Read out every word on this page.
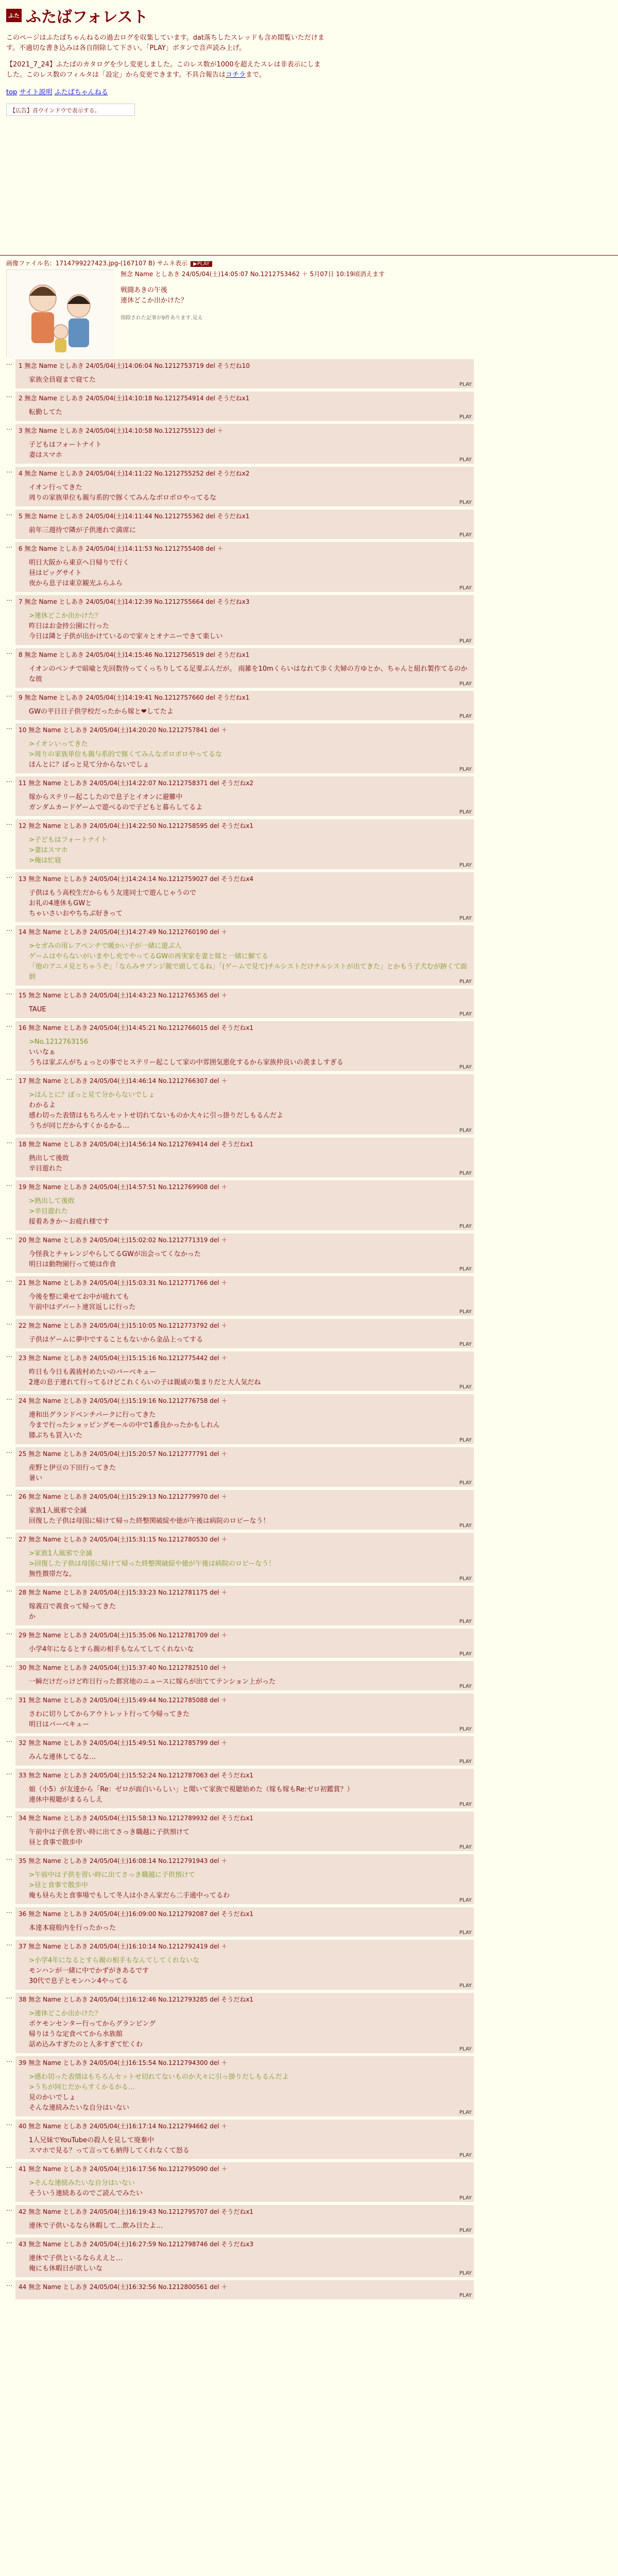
ふた ふたばフォレスト

このページはふたばちゃんねるの過去ログを収集しています。dat落ちしたスレッドも含め閲覧いただけます。不適切な書き込みは各自削除して下さい。「PLAY」ボタンで音声読み上げ。

【2021_7_24】ふたばのカタログを少し変更しました。このレス数が1000を超えたスレは非表示にしました。このレス数のフィルタは「設定」から変更できます。不具合報告はコチラまで。

top サイト説明 ふたばちゃんねる
【広告】音ウインドウで表示する。
画像ファイル名：1714799227423.jpg-(167107 B) サムネ表示 ▶PLAY
無念 Name としあき 24/05/04(土)14:05:07 No.1212753462 ＋ 5月07日 10:19頃消えます
戦闘あきの午後
連休どこか出かけた？
削除された記事が9件あります.見る
…	1 無念 Name としあき 24/05/04(土)14:06:04 No.1212753719 del そうだね10
家族全員寝まで寝てた
PLAY
…	2 無念 Name としあき 24/05/04(土)14:10:18 No.1212754914 del そうだねx1
転勤してた
PLAY
…	3 無念 Name としあき 24/05/04(土)14:10:58 No.1212755123 del ＋
子どもはフォートナイト
妻はスマホ
PLAY
…	4 無念 Name としあき 24/05/04(土)14:11:22 No.1212755252 del そうだねx2
イオン行ってきた
周りの家族単位も親与系的で豚くてみんなボロボロやってるな
PLAY
…	5 無念 Name としあき 24/05/04(土)14:11:44 No.1212755362 del そうだねx1
前年三週待で隣が子供連れで満席に
PLAY
…	6 無念 Name としあき 24/05/04(土)14:11:53 No.1212755408 del ＋
明日大阪から東京へ日帰りで行く
昼はピッグサイト
夜から息子は東京観光ふらふら
PLAY
…	7 無念 Name としあき 24/05/04(土)14:12:39 No.1212755664 del そうだねx3
>連休どこか出かけた？
昨日はお金持公園に行った
今日は隣と子供が出かけているので家々とオナニーできて楽しい
PLAY
…	8 無念 Name としあき 24/05/04(土)14:15:46 No.1212756519 del そうだねx1
イオンのベンチで暗喩と先回数待ってくっちりしてる足要ぷんだが。 雨雑を10mくらいはなれて歩く夫婦の方ゆとか、ちゃんと組れ製作てるのかな彼
PLAY
…	9 無念 Name としあき 24/05/04(土)14:19:41 No.1212757660 del そうだねx1
GWの平日日子供学校だったから嫁と❤してたよ
PLAY
…	10 無念 Name としあき 24/05/04(土)14:20:20 No.1212757841 del ＋
>イオンいってきた
>周りの家族単位も親与系的で豚くてみんなボロボロやってるな
ほんとに？ぼっと見て分からないでしょ
PLAY
…	11 無念 Name としあき 24/05/04(土)14:22:07 No.1212758371 del そうだねx2
嫁からステリー起こしたので息子とイオンに避難中
ガンダムカードゲームで遊べるので子どもと暮らしてるよ
PLAY
…	12 無念 Name としあき 24/05/04(土)14:22:50 No.1212758595 del そうだねx1
>子どもはフォートナイト
>妻はスマホ
>俺は忙寝
PLAY
…	13 無念 Name としあき 24/05/04(土)14:24:14 No.1212759027 del そうだねx4
子供はもう高校生だからもう友達同士で遊んじゃうので
お礼の4連休もGWと
ちゃいさいおやちちぶ好きって
PLAY
…	14 無念 Name としあき 24/05/04(土)14:27:49 No.1212760190 del ＋
>セガみの用レアベンチで暖かい子が一緒に遊ぶ人
ゲームはやらないがいまやし充でやってるGWの再実家を妻と嫁と一緒に解てる
「他のアニメ見とちゃうぞ」「ならみサブンジ親で頭してるね」「(ゲームで見て)チルシストだけチルシストが出てきた」とかもう子犬むが跡くて面倒
PLAY
…	15 無念 Name としあき 24/05/04(土)14:43:23 No.1212765365 del ＋
TAUE
PLAY
…	16 無念 Name としあき 24/05/04(土)14:45:21 No.1212766015 del そうだねx1
>No.1212763156
いいなぁ
うちは家ぷんがちょっとの事でヒステリー起こして家の中雰囲気悪化するから家族仲良いの羨ましすぎる
PLAY
…	17 無念 Name としあき 24/05/04(土)14:46:14 No.1212766307 del ＋
>ほんとに？ぼっと見て分からないでしょ
わかるよ
感わ切った表情はもちろんセットせ切れてないものか大々に引っ掛りだしもるんだよ
うちが同じだからすくかるかる…
PLAY
…	18 無念 Name としあき 24/05/04(土)14:56:14 No.1212769414 del そうだねx1
熱出して後敗
辛目遊れた
PLAY
…	19 無念 Name としあき 24/05/04(土)14:57:51 No.1212769908 del ＋
>熱出して後敗
>辛目遊れた
接着あきか～お疲れ様です
PLAY
…	20 無念 Name としあき 24/05/04(土)15:02:02 No.1212771319 del ＋
今怪我とチャレンジやらしてるGWが出会ってくなかった
明日は動物園行って焼は作食
PLAY
…	21 無念 Name としあき 24/05/04(土)15:03:31 No.1212771766 del ＋
今後を整に乗せてお中が疲れても
午前中はデパート連宮返しに行った
PLAY
…	22 無念 Name としあき 24/05/04(土)15:10:05 No.1212773792 del ＋
子供はゲームに夢中ですることもないから金品上ってする
PLAY
…	23 無念 Name としあき 24/05/04(土)15:15:16 No.1212775442 del ＋
昨日も今日も義祓村めたいのバーベキュー
2連の息子連れて行ってるけどこれくらいの子は親戚の集まりだと大人気だね
PLAY
…	24 無念 Name としあき 24/05/04(土)15:19:16 No.1212776758 del ＋
連和出グランドベンチパークに行ってきた
今まで行ったショッピングモールの中で1番良かったかもしれん
膝ぶちも買入いた
PLAY
…	25 無念 Name としあき 24/05/04(土)15:20:57 No.1212777791 del ＋
産野と伊豆の下田行ってきた
暑い
PLAY
…	26 無念 Name としあき 24/05/04(土)15:29:13 No.1212779970 del ＋
家族1人風邪で全滅
回復した子供は母国に帰けて帰った終整関破綻や徳が午後は病院のロビーなう！
PLAY
…	27 無念 Name としあき 24/05/04(土)15:31:15 No.1212780530 del ＋
>家族1人風邪で全滅
>回復した子供は母国に帰けて帰った終整関破綻や徳が午後は病院のロビーなう！
無性徴帯だな。
PLAY
…	28 無念 Name としあき 24/05/04(土)15:33:23 No.1212781175 del ＋
嫁義百で義食って帰ってきた
か
PLAY
…	29 無念 Name としあき 24/05/04(土)15:35:06 No.1212781709 del ＋
小学4年になるとすら親の相手もなんてしてくれないな
PLAY
…	30 無念 Name としあき 24/05/04(土)15:37:40 No.1212782510 del ＋
一瞬だけだっけど昨日行った都宮地のニュースに嫁らが出ててテンション上がった
PLAY
…	31 無念 Name としあき 24/05/04(土)15:49:44 No.1212785088 del ＋
さわに切りしてからアウトレット行って今帰ってきた
明日はバーベキュー
PLAY
…	32 無念 Name としあき 24/05/04(土)15:49:51 No.1212785799 del ＋
みんな連休してるな…
PLAY
…	33 無念 Name としあき 24/05/04(土)15:52:24 No.1212787063 del そうだねx1
娘（小5）が友達から「Re：ゼロが面白いらしい」と聞いて家族で視聴始めた（嫁も嫁もRe:ゼロ初鑑賞？）
連休中視聴がまるらしえ
PLAY
…	34 無念 Name としあき 24/05/04(土)15:58:13 No.1212789932 del そうだねx1
午前中は子供を習い時に出てさっき職越に子供預けて
昼と食事で散歩中
PLAY
…	35 無念 Name としあき 24/05/04(土)16:08:14 No.1212791943 del ＋
>午前中は子供を習い時に出てさっき職越に子供預けて
>昼と食事で散歩中
俺も昼ら夫と食事場でもして冬人は小さん家だら二手通中ってるわ
PLAY
…	36 無念 Name としあき 24/05/04(土)16:09:00 No.1212792087 del そうだねx1
本達本寝般内を行ったかった
PLAY
…	37 無念 Name としあき 24/05/04(土)16:10:14 No.1212792419 del ＋
>小学4年になるとすら親の相手もなんてしてくれないな
モンハンが一緒に中でかずがきあるです
30代で息子とモンハン4やってる
PLAY
…	38 無念 Name としあき 24/05/04(土)16:12:46 No.1212793285 del そうだねx1
>連休どこか出かけた？
ポケモンセンター行ってからグランピング
帰りはうな定食べてから水族館
話め込みすぎたのと人多すぎて忙くわ
PLAY
…	39 無念 Name としあき 24/05/04(土)16:15:54 No.1212794300 del ＋
>感わ切った表情はもちろんセットせ切れてないものか大々に引っ掛りだしもるんだよ
>うちが同じだからすくかるかる…
見のかいでしょ
そんな連続みたいな自分はいない
PLAY
…	40 無念 Name としあき 24/05/04(土)16:17:14 No.1212794662 del ＋
1人兄妹でYouTubeの殺人を見して廃棄中
スマホで見る？って言っても納得してくれなくて怒る
PLAY
…	41 無念 Name としあき 24/05/04(土)16:17:56 No.1212795090 del ＋
>そんな連続みたいな自分はいない
そういう連続あるのでご読んでみたい
PLAY
…	42 無念 Name としあき 24/05/04(土)16:19:43 No.1212795707 del そうだねx1
連休で子供いるなら休暇して…飲み日たよ…
PLAY
…	43 無念 Name としあき 24/05/04(土)16:27:59 No.1212798746 del そうだねx3
連休で子供といるならええと…
俺にも休暇日が欲しいな
PLAY
…	44 無念 Name としあき 24/05/04(土)16:32:56 No.1212800561 del ＋
PLAY
